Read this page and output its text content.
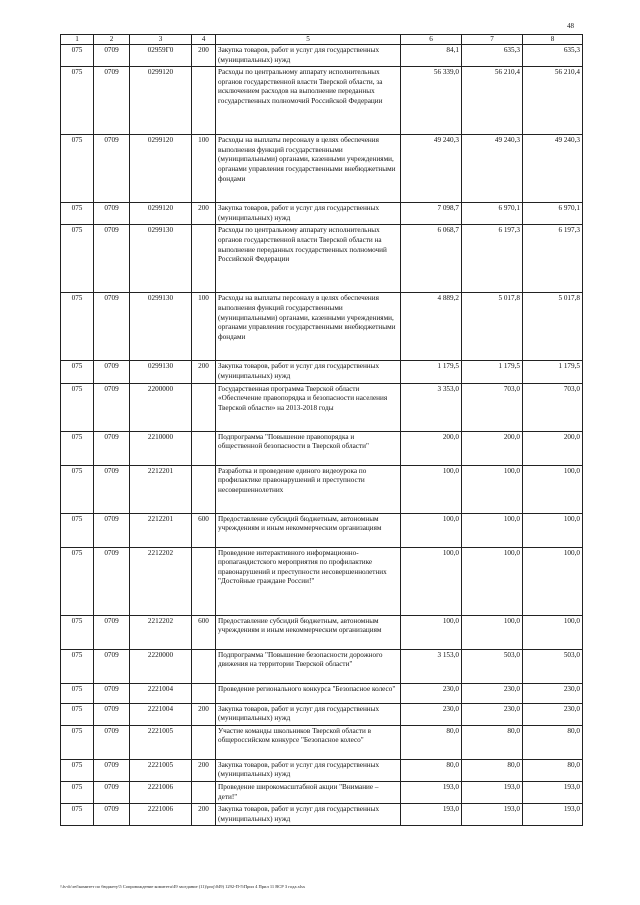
48
1	2	3	4	5	6	7	8
075	0709	02959Г0	200	Закупка товаров, работ и услуг для государственных (муниципальных) нужд	84,1	635,3	635,3
075	0709	0299120		Расходы по центральному аппарату исполнительных органов государственной власти Тверской области, за исключением расходов на выполнение переданных государственных полномочий Российской Федерации	56 339,0	56 210,4	56 210,4
075	0709	0299120	100	Расходы на выплаты персоналу в целях обеспечения выполнения функций государственными (муниципальными) органами, казенными учреждениями, органами управления государственными внебюджетными фондами	49 240,3	49 240,3	49 240,3
075	0709	0299120	200	Закупка товаров, работ и услуг для государственных (муниципальных) нужд	7 098,7	6 970,1	6 970,1
075	0709	0299130		Расходы по центральному аппарату исполнительных органов государственной власти Тверской области на выполнение переданных государственных полномочий Российской Федерации	6 068,7	6 197,3	6 197,3
075	0709	0299130	100	Расходы на выплаты персоналу в целях обеспечения выполнения функций государственными (муниципальными) органами, казенными учреждениями, органами управления государственными внебюджетными фондами	4 889,2	5 017,8	5 017,8
075	0709	0299130	200	Закупка товаров, работ и услуг для государственных (муниципальных) нужд	1 179,5	1 179,5	1 179,5
075	0709	2200000		Государственная программа Тверской области «Обеспечение правопорядка и безопасности населения Тверской области» на 2013-2018 годы	3 353,0	703,0	703,0
075	0709	2210000		Подпрограмма "Повышение правопорядка и общественной безопасности в Тверской области"	200,0	200,0	200,0
075	0709	2212201		Разработка и проведение единого видеоурока по профилактике правонарушений и преступности несовершеннолетних	100,0	100,0	100,0
075	0709	2212201	600	Предоставление субсидий бюджетным, автономным учреждениям и иным некоммерческим организациям	100,0	100,0	100,0
075	0709	2212202		Проведение интерактивного информационно-пропагандистского мероприятия по профилактике правонарушений и преступности несовершеннолетних "Достойные граждане России!"	100,0	100,0	100,0
075	0709	2212202	600	Предоставление субсидий бюджетным, автономным учреждениям и иным некоммерческим организациям	100,0	100,0	100,0
075	0709	2220000		Подпрограмма "Повышение безопасности дорожного движения на территории Тверской области"	3 153,0	503,0	503,0
075	0709	2221004		Проведение регионального конкурса "Безопасное колесо"	230,0	230,0	230,0
075	0709	2221004	200	Закупка товаров, работ и услуг для государственных (муниципальных) нужд	230,0	230,0	230,0
075	0709	2221005		Участие команды школьников Тверской области в общероссийском конкурсе "Безопасное колесо"	80,0	80,0	80,0
075	0709	2221005	200	Закупка товаров, работ и услуг для государственных (муниципальных) нужд	80,0	80,0	80,0
075	0709	2221006		Проведение широкомасштабной акции "Внимание – дети!"	193,0	193,0	193,0
075	0709	2221006	200	Закупка товаров, работ и услуг для государственных (муниципальных) нужд	193,0	193,0	193,0
\\fs-dc\ref\комитет по бюджету\5 Сопровождение комитета\49 заседание (11)\proj\049) 1292-П-5\Прил 4 Прил 11 ВСР 3 года.xlsx
